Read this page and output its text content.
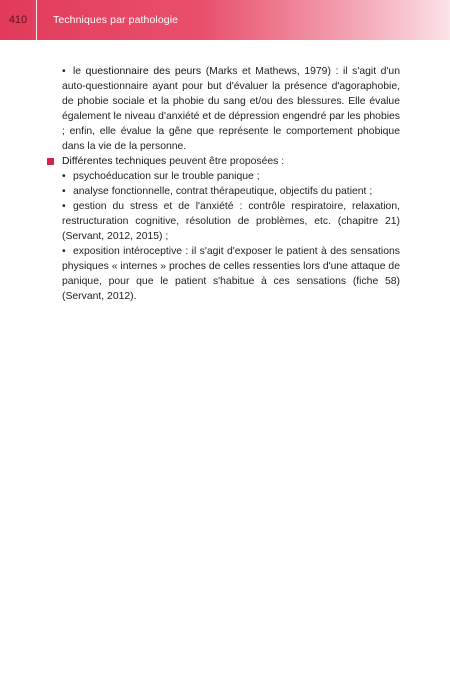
410	Techniques par pathologie

• le questionnaire des peurs (Marks et Mathews, 1979) : il s'agit d'un auto-questionnaire ayant pour but d'évaluer la présence d'agoraphobie, de phobie sociale et la phobie du sang et/ou des blessures. Elle évalue également le niveau d'anxiété et de dépression engendré par les phobies ; enfin, elle évalue la gêne que représente le comportement phobique dans la vie de la personne.

Différentes techniques peuvent être proposées :

• psychoéducation sur le trouble panique ;

• analyse fonctionnelle, contrat thérapeutique, objectifs du patient ;

• gestion du stress et de l'anxiété : contrôle respiratoire, relaxation, restructuration cognitive, résolution de problèmes, etc. (chapitre 21) (Servant, 2012, 2015) ;

• exposition intéroceptive : il s'agit d'exposer le patient à des sensations physiques « internes » proches de celles ressenties lors d'une attaque de panique, pour que le patient s'habitue à ces sensations (fiche 58) (Servant, 2012).
